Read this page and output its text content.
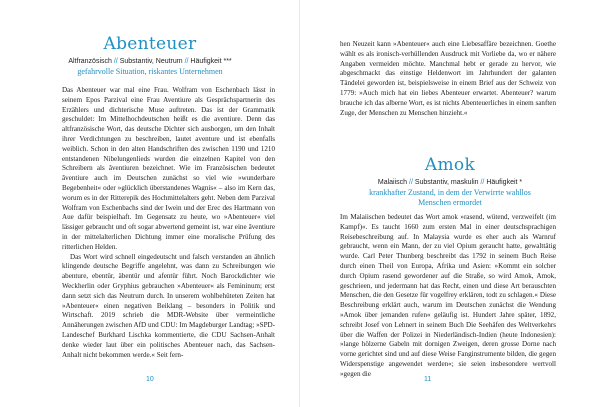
Abenteuer
Altfranzösisch // Substantiv, Neutrum // Häufigkeit ***
gefahrvolle Situation, riskantes Unternehmen

Das Abenteuer war mal eine Frau. Wolfram von Eschenbach lässt in seinem Epos Parzival eine Frau Aventiure als Gesprächspartnerin des Erzählers und dichterische Muse auftreten. Das ist der Grammatik geschuldet: Im Mittelhochdeutschen heißt es die aventiure. Denn das altfranzösische Wort, das deutsche Dichter sich ausborgen, um den Inhalt ihrer Verdichtungen zu beschreiben, lautet aventure und ist ebenfalls weiblich. Schon in den alten Handschriften des zwischen 1190 und 1210 entstandenen Nibelungenlieds wurden die einzelnen Kapitel von den Schreibern als âventiuren bezeichnet. Wie im Französischen bedeutet âventiure auch im Deutschen zunächst so viel wie »wunderbare Begebenheit« oder »glücklich überstandenes Wagnis« – also im Kern das, worum es in der Ritterepik des Hochmittelalters geht. Neben dem Parzival Wolfram von Eschenbachs sind der Iwein und der Erec des Hartmann von Aue dafür beispielhaft. Im Gegensatz zu heute, wo »Abenteuer« viel lässiger gebraucht und oft sogar abwertend gemeint ist, war eine âventiure in der mittelalterlichen Dichtung immer eine moralische Prüfung des ritterlichen Helden.

Das Wort wird schnell eingedeutscht und falsch verstanden an ähnlich klingende deutsche Begriffe angelehnt, was dann zu Schreibungen wie abenture, ebentür, äbentür und afentür führt. Noch Barockdichter wie Weckherlin oder Gryphius gebrauchen »Abenteuer« als Femininum; erst dann setzt sich das Neutrum durch. In unserem wohlbehüteten Zeiten hat »Abenteuer« einen negativen Beiklang – besonders in Politik und Wirtschaft. 2019 schrieb die MDR-Website über vermeintliche Annäherungen zwischen AfD und CDU: Im Magdeburger Landtag; »SPD-Landeschef Burkhard Lischka kommentierte, die CDU Sachsen-Anhalt denke wieder laut über ein politisches Abenteuer nach, das Sachsen-Anhalt nicht bekommen werde.« Seit fern-

10

hen Neuzeit kann »Abenteuer« auch eine Liebesaffäre bezeichnen. Goethe wählt es als ironisch-verhüllenden Ausdruck mit Vorliebe da, wo er nähere Angaben vermeiden möchte. Manchmal hebt er gerade zu hervor, wie abgeschmackt das einstige Heldenwort im Jahrhundert der galanten Tändelei geworden ist, beispielsweise in einem Brief aus der Schweiz von 1779: »Auch mich hat ein liebes Abenteuer erwartet. Abenteuer? warum brauche ich das alberne Wort, es ist nichts Abenteuerliches in einem sanften Zuge, der Menschen zu Menschen hinzieht.«

Amok
Malaiisch // Substantiv, maskulin // Häufigkeit *
krankhafter Zustand, in dem der Verwirrte wahllos Menschen ermordet

Im Malaiischen bedeutet das Wort amok »rasend, wütend, verzweifelt (im Kampf)«. Es taucht 1660 zum ersten Mal in einer deutschsprachigen Reisebeschreibung auf. In Malaysia wurde es eher auch als Warnruf gebraucht, wenn ein Mann, der zu viel Opium geraucht hatte, gewalttätig wurde. Carl Peter Thunberg beschreibt das 1792 in seinem Buch Reise durch einen Theil von Europa, Afrika und Asien: »Kommt ein solcher durch Opium rasend gewordener auf die Straße, so wird Amok, Amok, geschrieen, und jedermann hat das Recht, einen und diese Art berauschten Menschen, die den Gesetze für vogelfrey erklären, todt zu schlagen.« Diese Beschreibung erklärt auch, warum im Deutschen zunächst die Wendung »Amok über jemanden rufen« geläufig ist. Hundert Jahre später, 1892, schreibt Josef von Lehnert in seinem Buch Die Seehäfen des Weltverkehrs über die Waffen der Polizei in Niederländisch-Indien (heute Indonesien): »lange hölzerne Gabeln mit dornigen Zweigen, deren grosse Dorne nach vorne gerichtet sind und auf diese Weise Fanginstrumente bilden, die gegen Widerspenstige angewendet werden«; sie seien insbesondere wertvoll »gegen die

11
